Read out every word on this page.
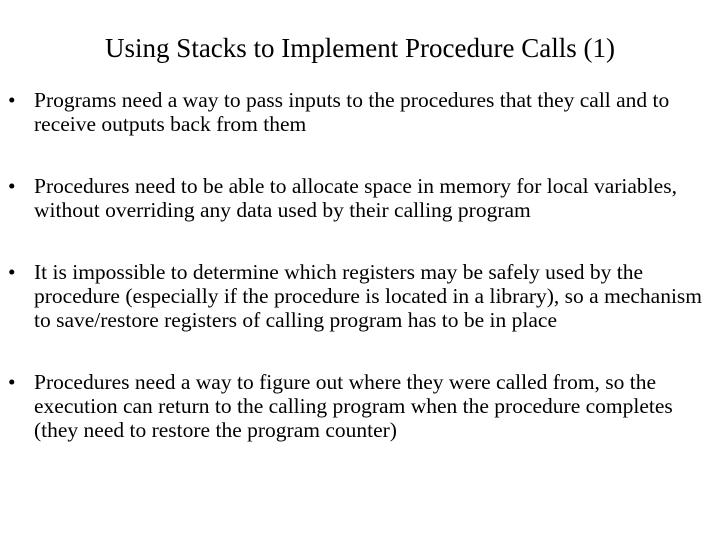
Using Stacks to Implement Procedure Calls (1)
• Programs need a way to pass inputs to the procedures that they call and to receive outputs back from them
• Procedures need to be able to allocate space in memory for local variables, without overriding any data used by their calling program
• It is impossible to determine which registers may be safely used by the procedure (especially if the procedure is located in a library), so a mechanism to save/restore registers of calling program has to be in place
• Procedures need a way to figure out where they were called from, so the execution can return to the calling program when the procedure completes (they need to restore the program counter)
